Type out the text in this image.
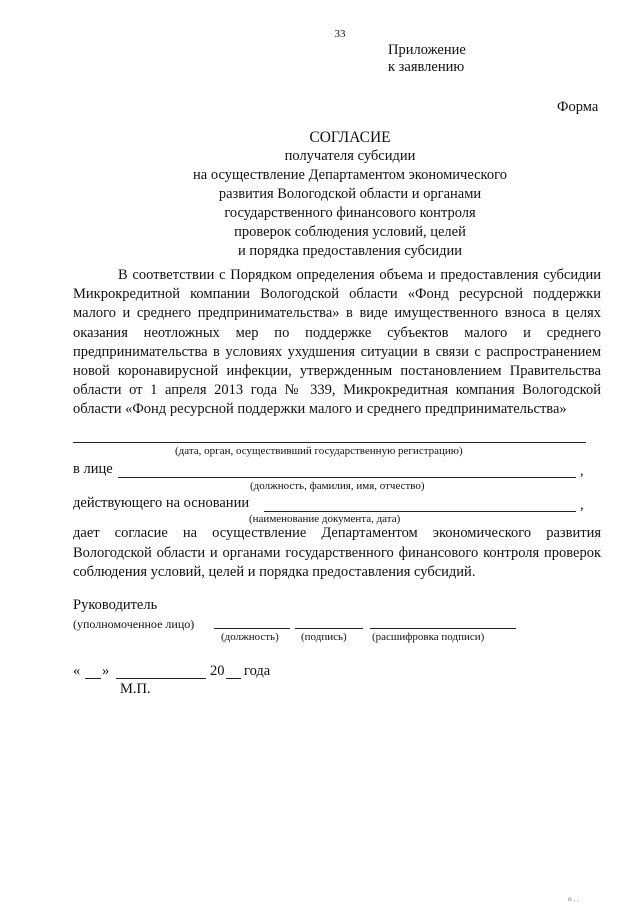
33
Приложение
к заявлению
Форма
СОГЛАСИЕ
получателя субсидии
на осуществление Департаментом экономического
развития Вологодской области и органами
государственного финансового контроля
проверок соблюдения условий, целей
и порядка предоставления субсидии
В соответствии с Порядком определения объема и предоставления субсидии Микрокредитной компании Вологодской области «Фонд ресурсной поддержки малого и среднего предпринимательства» в виде имущественного взноса в целях оказания неотложных мер по поддержке субъектов малого и среднего предпринимательства в условиях ухудшения ситуации в связи с распространением новой коронавирусной инфекции, утвержденным постановлением Правительства области от 1 апреля 2013 года № 339, Микрокредитная компания Вологодской области «Фонд ресурсной поддержки малого и среднего предпринимательства»
(дата, орган, осуществивший государственную регистрацию)
в лице	,
(должность, фамилия, имя, отчество)
действующего на основании	,
(наименование документа, дата)
дает согласие на осуществление Департаментом экономического развития Вологодской области и органами государственного финансового контроля проверок соблюдения условий, целей и порядка предоставления субсидий.
Руководитель
(уполномоченное лицо)
(должность) (подпись) (расшифровка подписи)
« »	20 года
М.П.
и , ,
